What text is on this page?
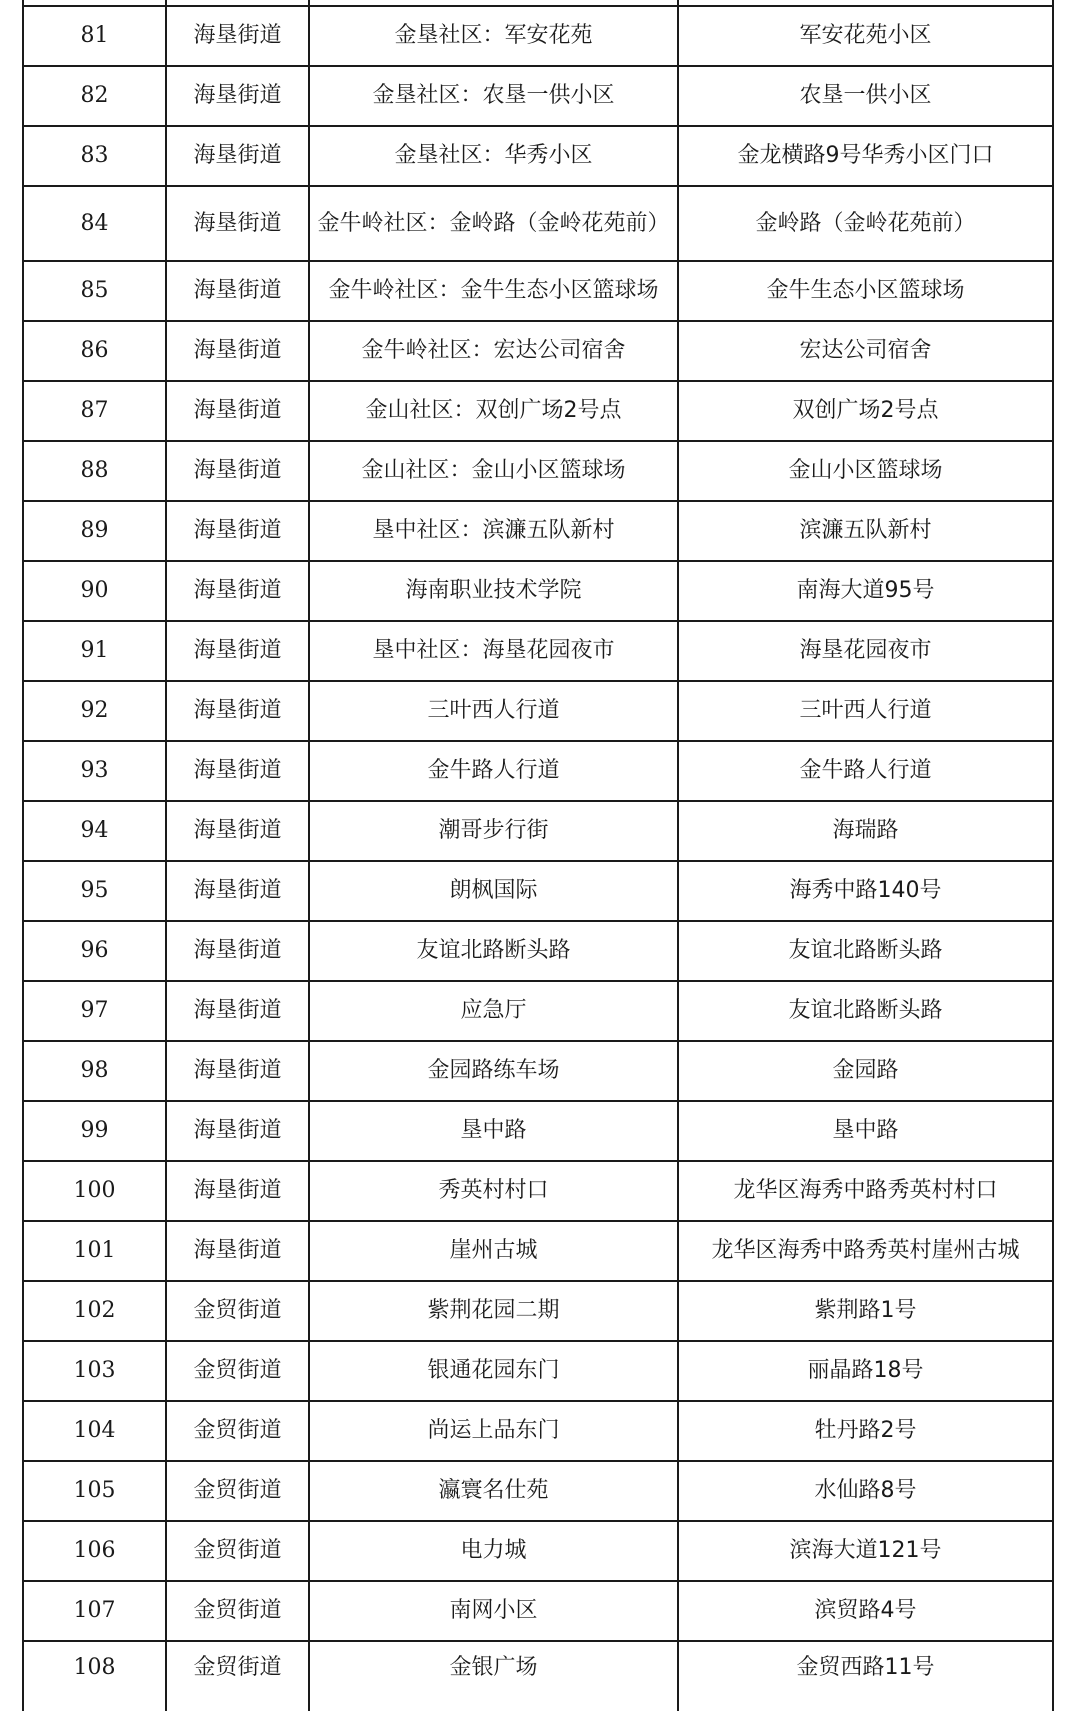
81	海垦街道	金垦社区：军安花苑	军安花苑小区
82	海垦街道	金垦社区：农垦一供小区	农垦一供小区
83	海垦街道	金垦社区：华秀小区	金龙横路9号华秀小区门口
84	海垦街道	金牛岭社区：金岭路（金岭花苑前）	金岭路（金岭花苑前）
85	海垦街道	金牛岭社区：金牛生态小区篮球场	金牛生态小区篮球场
86	海垦街道	金牛岭社区：宏达公司宿舍	宏达公司宿舍
87	海垦街道	金山社区：双创广场2号点	双创广场2号点
88	海垦街道	金山社区：金山小区篮球场	金山小区篮球场
89	海垦街道	垦中社区：滨濂五队新村	滨濂五队新村
90	海垦街道	海南职业技术学院	南海大道95号
91	海垦街道	垦中社区：海垦花园夜市	海垦花园夜市
92	海垦街道	三叶西人行道	三叶西人行道
93	海垦街道	金牛路人行道	金牛路人行道
94	海垦街道	潮哥步行街	海瑞路
95	海垦街道	朗枫国际	海秀中路140号
96	海垦街道	友谊北路断头路	友谊北路断头路
97	海垦街道	应急厅	友谊北路断头路
98	海垦街道	金园路练车场	金园路
99	海垦街道	垦中路	垦中路
100	海垦街道	秀英村村口	龙华区海秀中路秀英村村口
101	海垦街道	崖州古城	龙华区海秀中路秀英村崖州古城
102	金贸街道	紫荆花园二期	紫荆路1号
103	金贸街道	银通花园东门	丽晶路18号
104	金贸街道	尚运上品东门	牡丹路2号
105	金贸街道	瀛寰名仕苑	水仙路8号
106	金贸街道	电力城	滨海大道121号
107	金贸街道	南网小区	滨贸路4号
108	金贸街道	金银广场	金贸西路11号
